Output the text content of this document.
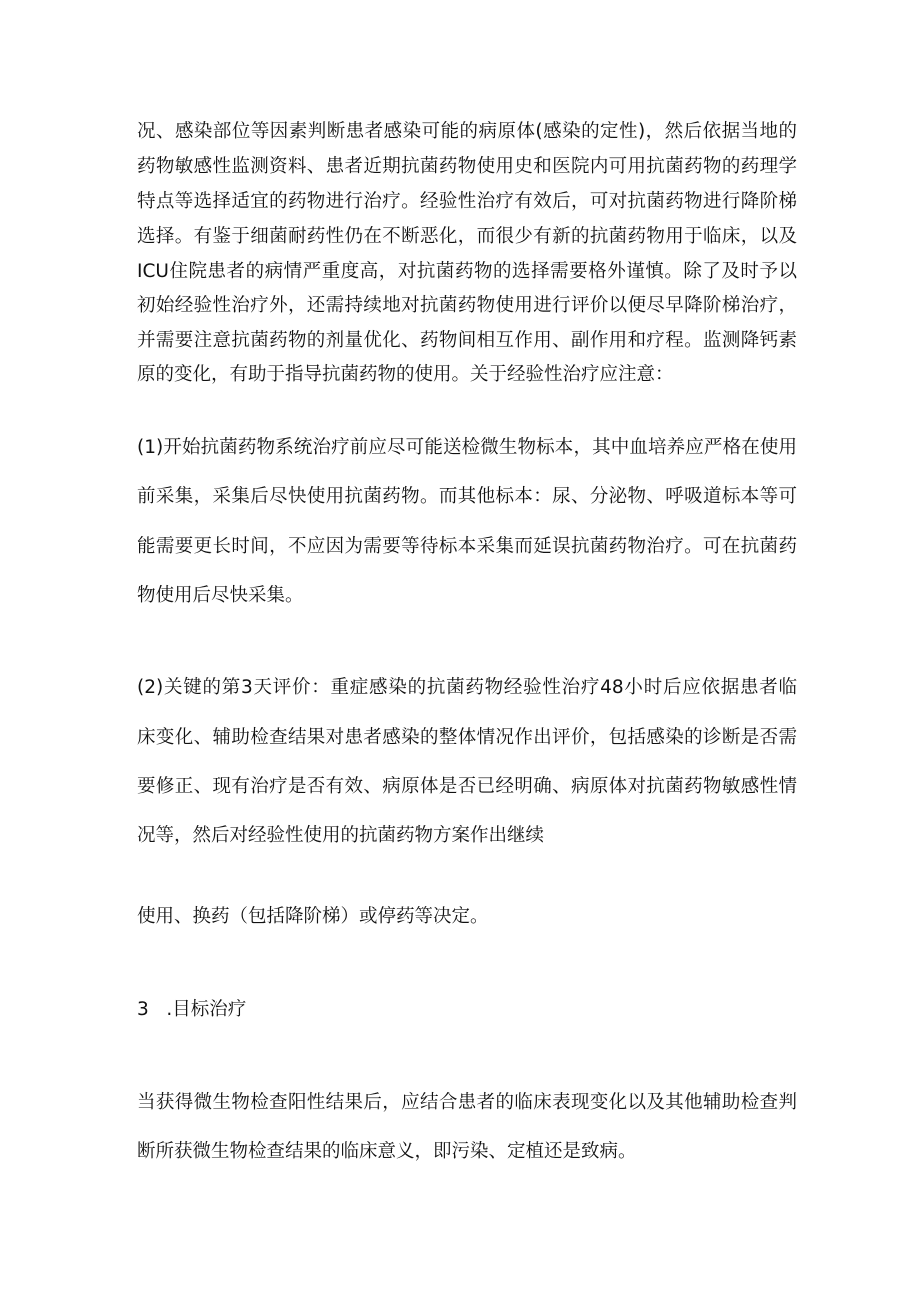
况、感染部位等因素判断患者感染可能的病原体(感染的定性)，然后依据当地的
药物敏感性监测资料、患者近期抗菌药物使用史和医院内可用抗菌药物的药理学
特点等选择适宜的药物进行治疗。经验性治疗有效后，可对抗菌药物进行降阶梯
选择。有鉴于细菌耐药性仍在不断恶化，而很少有新的抗菌药物用于临床，以及
ICU住院患者的病情严重度高，对抗菌药物的选择需要格外谨慎。除了及时予以
初始经验性治疗外，还需持续地对抗菌药物使用进行评价以便尽早降阶梯治疗，
并需要注意抗菌药物的剂量优化、药物间相互作用、副作用和疗程。监测降钙素
原的变化，有助于指导抗菌药物的使用。关于经验性治疗应注意：
(1)开始抗菌药物系统治疗前应尽可能送检微生物标本，其中血培养应严格在使用
前采集，采集后尽快使用抗菌药物。而其他标本：尿、分泌物、呼吸道标本等可
能需要更长时间，不应因为需要等待标本采集而延误抗菌药物治疗。可在抗菌药
物使用后尽快采集。
(2)关键的第3天评价：重症感染的抗菌药物经验性治疗48小时后应依据患者临
床变化、辅助检查结果对患者感染的整体情况作出评价，包括感染的诊断是否需
要修正、现有治疗是否有效、病原体是否已经明确、病原体对抗菌药物敏感性情
况等，然后对经验性使用的抗菌药物方案作出继续
使用、换药（包括降阶梯）或停药等决定。
3   .目标治疗
当获得微生物检查阳性结果后，应结合患者的临床表现变化以及其他辅助检查判
断所获微生物检查结果的临床意义，即污染、定植还是致病。
